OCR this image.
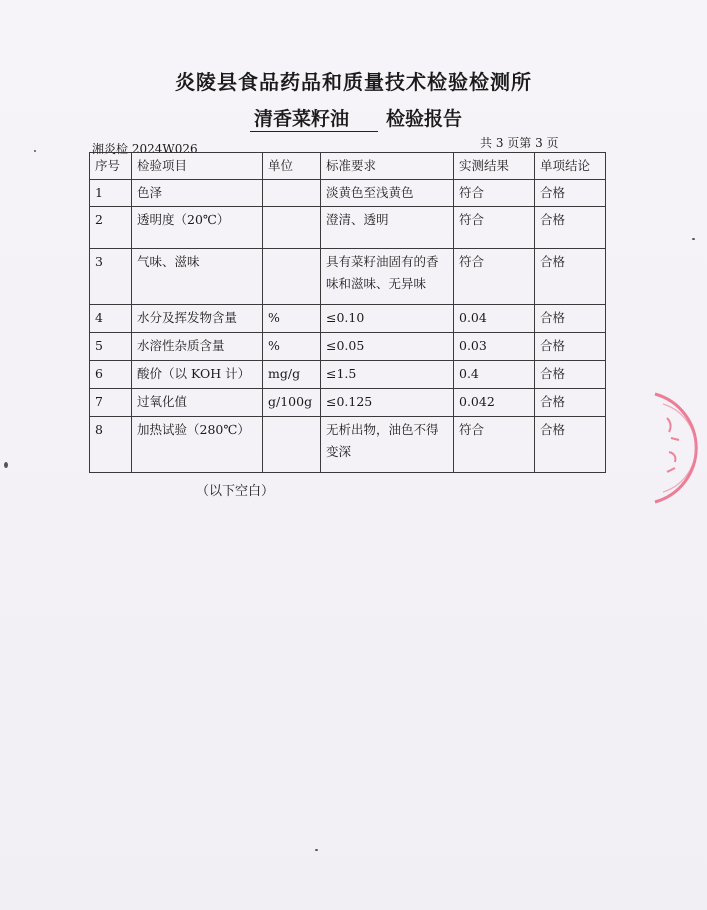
炎陵县食品药品和质量技术检验检测所
清香菜籽油 检验报告
湘炎检 2024W026	共 3 页第 3 页
序号	检验项目	单位	标准要求	实测结果	单项结论
1	色泽		淡黄色至浅黄色	符合	合格
2	透明度（20℃）		澄清、透明	符合	合格
3	气味、滋味		具有菜籽油固有的香味和滋味、无异味	符合	合格
4	水分及挥发物含量	%	≤0.10	0.04	合格
5	水溶性杂质含量	%	≤0.05	0.03	合格
6	酸价（以 KOH 计）	mg/g	≤1.5	0.4	合格
7	过氧化值	g/100g	≤0.125	0.042	合格
8	加热试验（280℃）		无析出物，油色不得变深	符合	合格
（以下空白）
